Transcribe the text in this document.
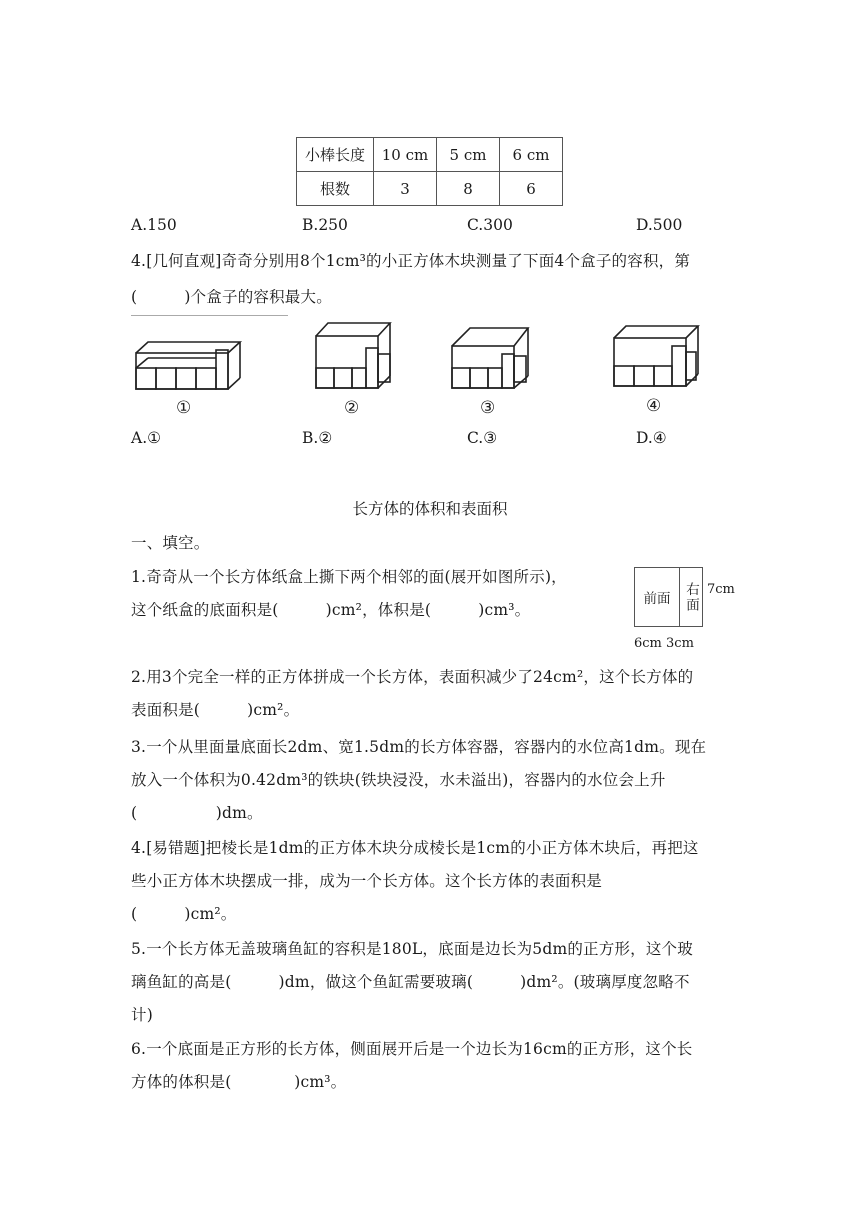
小棒长度	10 cm	5 cm	6 cm
根数	3	8	6
A.150	B.250	C.300	D.500
4.[几何直观]奇奇分别用8个1cm³的小正方体木块测量了下面4个盒子的容积，第
(　　　)个盒子的容积最大。
①	②	③	④
A.①	B.②	C.③	D.④
长方体的体积和表面积
一、填空。
1.奇奇从一个长方体纸盒上撕下两个相邻的面(展开如图所示)，
这个纸盒的底面积是(　　　)cm²，体积是(　　　)cm³。
前面 右面 7cm
6cm 3cm
2.用3个完全一样的正方体拼成一个长方体，表面积减少了24cm²，这个长方体的
表面积是(　　　)cm²。
3.一个从里面量底面长2dm、宽1.5dm的长方体容器，容器内的水位高1dm。现在
放入一个体积为0.42dm³的铁块(铁块浸没，水未溢出)，容器内的水位会上升
(　　　　　)dm。
4.[易错题]把棱长是1dm的正方体木块分成棱长是1cm的小正方体木块后，再把这
些小正方体木块摆成一排，成为一个长方体。这个长方体的表面积是
(　　　)cm²。
5.一个长方体无盖玻璃鱼缸的容积是180L，底面是边长为5dm的正方形，这个玻
璃鱼缸的高是(　　　)dm，做这个鱼缸需要玻璃(　　　)dm²。(玻璃厚度忽略不
计)
6.一个底面是正方形的长方体，侧面展开后是一个边长为16cm的正方形，这个长
方体的体积是(　　　　)cm³。
